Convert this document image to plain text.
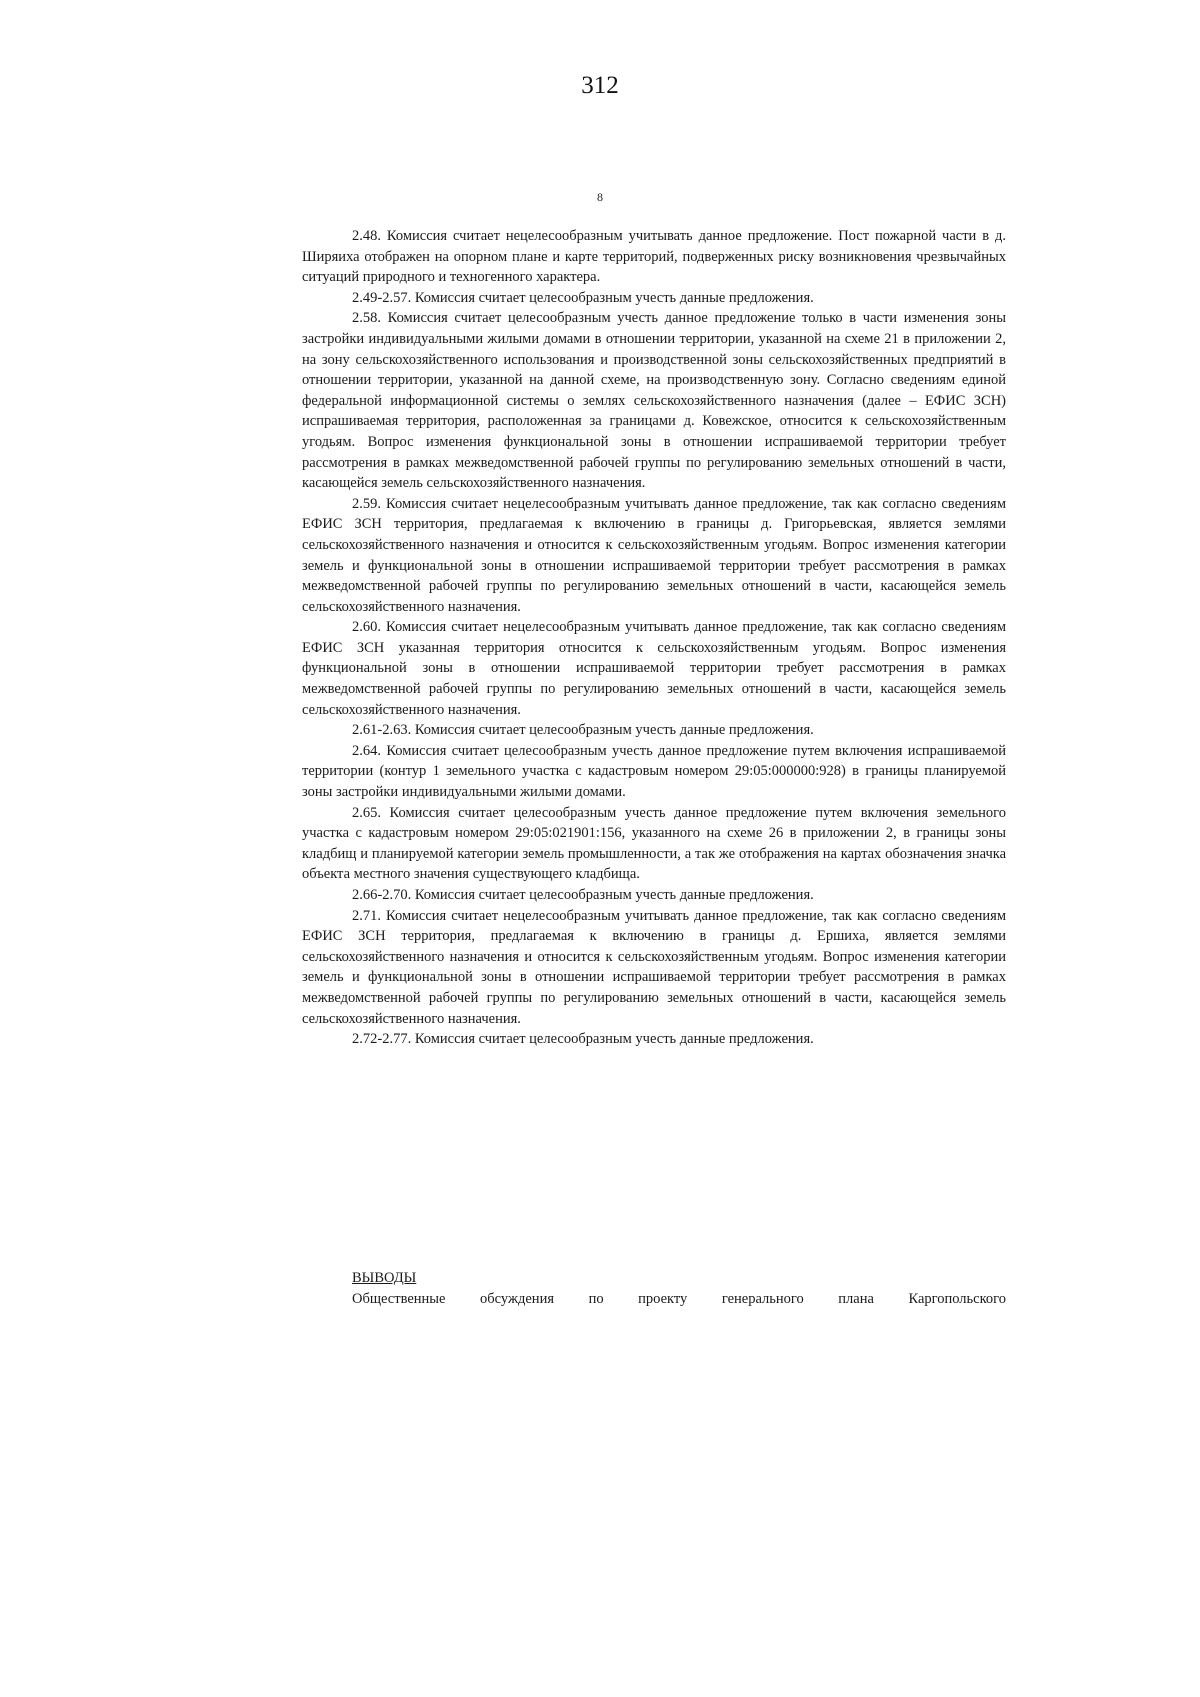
312
8

2.48. Комиссия считает нецелесообразным учитывать данное предложение. Пост пожарной части в д. Ширяиха отображен на опорном плане и карте территорий, подверженных риску возникновения чрезвычайных ситуаций природного и техногенного характера.

2.49-2.57. Комиссия считает целесообразным учесть данные предложения.

2.58. Комиссия считает целесообразным учесть данное предложение только в части изменения зоны застройки индивидуальными жилыми домами в отношении территории, указанной на схеме 21 в приложении 2, на зону сельскохозяйственного использования и производственной зоны сельскохозяйственных предприятий в отношении территории, указанной на данной схеме, на производственную зону. Согласно сведениям единой федеральной информационной системы о землях сельскохозяйственного назначения (далее – ЕФИС ЗСН) испрашиваемая территория, расположенная за границами д. Ковежское, относится к сельскохозяйственным угодьям. Вопрос изменения функциональной зоны в отношении испрашиваемой территории требует рассмотрения в рамках межведомственной рабочей группы по регулированию земельных отношений в части, касающейся земель сельскохозяйственного назначения.

2.59. Комиссия считает нецелесообразным учитывать данное предложение, так как согласно сведениям ЕФИС ЗСН территория, предлагаемая к включению в границы д. Григорьевская, является землями сельскохозяйственного назначения и относится к сельскохозяйственным угодьям. Вопрос изменения категории земель и функциональной зоны в отношении испрашиваемой территории требует рассмотрения в рамках межведомственной рабочей группы по регулированию земельных отношений в части, касающейся земель сельскохозяйственного назначения.

2.60. Комиссия считает нецелесообразным учитывать данное предложение, так как согласно сведениям ЕФИС ЗСН указанная территория относится к сельскохозяйственным угодьям. Вопрос изменения функциональной зоны в отношении испрашиваемой территории требует рассмотрения в рамках межведомственной рабочей группы по регулированию земельных отношений в части, касающейся земель сельскохозяйственного назначения.

2.61-2.63. Комиссия считает целесообразным учесть данные предложения.

2.64. Комиссия считает целесообразным учесть данное предложение путем включения испрашиваемой территории (контур 1 земельного участка с кадастровым номером 29:05:000000:928) в границы планируемой зоны застройки индивидуальными жилыми домами.

2.65. Комиссия считает целесообразным учесть данное предложение путем включения земельного участка с кадастровым номером 29:05:021901:156, указанного на схеме 26 в приложении 2, в границы зоны кладбищ и планируемой категории земель промышленности, а так же отображения на картах обозначения значка объекта местного значения существующего кладбища.

2.66-2.70. Комиссия считает целесообразным учесть данные предложения.

2.71. Комиссия считает нецелесообразным учитывать данное предложение, так как согласно сведениям ЕФИС ЗСН территория, предлагаемая к включению в границы д. Ершиха, является землями сельскохозяйственного назначения и относится к сельскохозяйственным угодьям. Вопрос изменения категории земель и функциональной зоны в отношении испрашиваемой территории требует рассмотрения в рамках межведомственной рабочей группы по регулированию земельных отношений в части, касающейся земель сельскохозяйственного назначения.

2.72-2.77. Комиссия считает целесообразным учесть данные предложения.

ВЫВОДЫ

Общественные обсуждения по проекту генерального плана Каргопольского
